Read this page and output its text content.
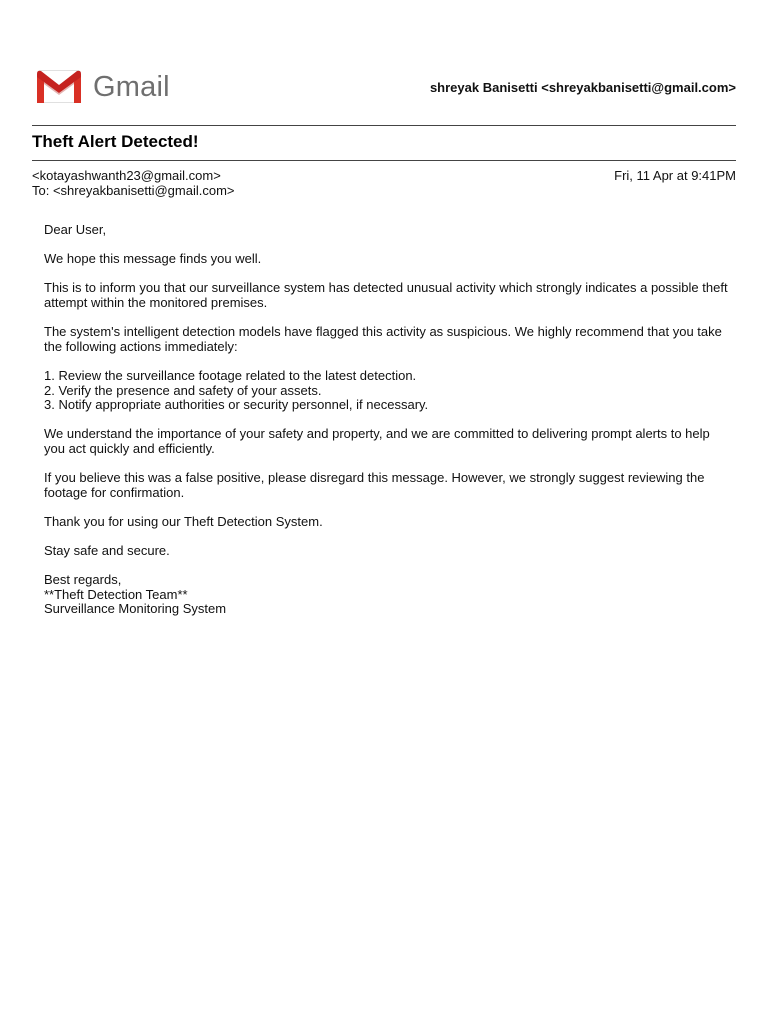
Gmail	shreyak Banisetti <shreyakbanisetti@gmail.com>
Theft Alert Detected!
<kotayashwanth23@gmail.com>	Fri, 11 Apr at 9:41PM
To: <shreyakbanisetti@gmail.com>

Dear User,

We hope this message finds you well.

This is to inform you that our surveillance system has detected unusual activity which strongly indicates a possible theft attempt within the monitored premises.

The system's intelligent detection models have flagged this activity as suspicious. We highly recommend that you take the following actions immediately:

1. Review the surveillance footage related to the latest detection.
2. Verify the presence and safety of your assets.
3. Notify appropriate authorities or security personnel, if necessary.

We understand the importance of your safety and property, and we are committed to delivering prompt alerts to help you act quickly and efficiently.

If you believe this was a false positive, please disregard this message. However, we strongly suggest reviewing the footage for confirmation.

Thank you for using our Theft Detection System.

Stay safe and secure.

Best regards,
**Theft Detection Team**
Surveillance Monitoring System
